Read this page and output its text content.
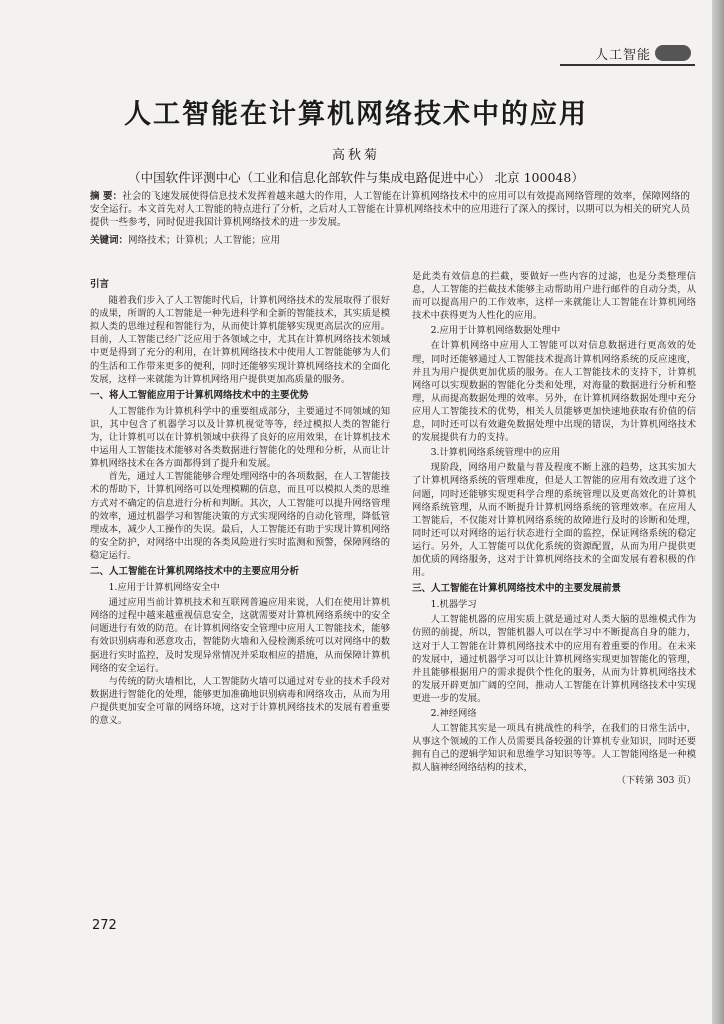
人工智能
人工智能在计算机网络技术中的应用
高秋菊
（中国软件评测中心（工业和信息化部软件与集成电路促进中心） 北京 100048）
摘 要：社会的飞速发展使得信息技术发挥着越来越大的作用，人工智能在计算机网络技术中的应用可以有效提高网络管理的效率，保障网络的安全运行。本文首先对人工智能的特点进行了分析，之后对人工智能在计算机网络技术中的应用进行了深入的探讨，以期可以为相关的研究人员提供一些参考，同时促进我国计算机网络技术的进一步发展。
关键词：网络技术；计算机；人工智能；应用
引言

随着我们步入了人工智能时代后，计算机网络技术的发展取得了很好的成果，所谓的人工智能是一种先进科学和全新的智能技术，其实质是模拟人类的思维过程和智能行为，从而使计算机能够实现更高层次的应用。目前，人工智能已经广泛应用于各领域之中，尤其在计算机网络技术领域中更是得到了充分的利用，在计算机网络技术中使用人工智能能够为人们的生活和工作带来更多的便利，同时还能够实现计算机网络技术的全面化发展，这样一来就能为计算机网络用户提供更加高质量的服务。

一、将人工智能应用于计算机网络技术中的主要优势

人工智能作为计算机科学中的重要组成部分，主要通过不同领域的知识，其中包含了机器学习以及计算机视觉等等，经过模拟人类的智能行为，让计算机可以在计算机领域中获得了良好的应用效果，在计算机技术中运用人工智能技术能够对各类数据进行智能化的处理和分析，从而让计算机网络技术在各方面都得到了提升和发展。

首先，通过人工智能能够合理处理网络中的各项数据，在人工智能技术的帮助下，计算机网络可以处理模糊的信息，而且可以模拟人类的思维方式对不确定的信息进行分析和判断。其次，人工智能可以提升网络管理的效率，通过机器学习和智能决策的方式实现网络的自动化管理，降低管理成本，减少人工操作的失误。最后，人工智能还有助于实现计算机网络的安全防护，对网络中出现的各类风险进行实时监测和预警，保障网络的稳定运行。

二、人工智能在计算机网络技术中的主要应用分析
1.应用于计算机网络安全中

通过应用当前计算机技术和互联网普遍应用来说，人们在使用计算机网络的过程中越来越重视信息安全，这就需要对计算机网络系统中的安全问题进行有效的防范。在计算机网络安全管理中应用人工智能技术，能够有效识别病毒和恶意攻击，智能防火墙和入侵检测系统可以对网络中的数据进行实时监控，及时发现异常情况并采取相应的措施，从而保障计算机网络的安全运行。

与传统的防火墙相比，人工智能防火墙可以通过对专业的技术手段对数据进行智能化的处理，能够更加准确地识别病毒和网络攻击，从而为用户提供更加安全可靠的网络环境，这对于计算机网络技术的发展有着重要的意义。

是此类有效信息的拦截，要做好一些内容的过滤，也是分类整理信息，人工智能的拦截技术能够主动帮助用户进行邮件的自动分类，从而可以提高用户的工作效率，这样一来就能让人工智能在计算机网络技术中获得更为人性化的应用。

2.应用于计算机网络数据处理中

在计算机网络中应用人工智能可以对信息数据进行更高效的处理，同时还能够通过人工智能技术提高计算机网络系统的反应速度，并且为用户提供更加优质的服务。在人工智能技术的支持下，计算机网络可以实现数据的智能化分类和处理，对海量的数据进行分析和整理，从而提高数据处理的效率。另外，在计算机网络数据处理中充分应用人工智能技术的优势，相关人员能够更加快速地获取有价值的信息，同时还可以有效避免数据处理中出现的错误，为计算机网络技术的发展提供有力的支持。

3.计算机网络系统管理中的应用

现阶段，网络用户数量与普及程度不断上涨的趋势，这其实加大了计算机网络系统的管理难度，但是人工智能的应用有效改进了这个问题，同时还能够实现更科学合理的系统管理以及更高效化的计算机网络系统管理，从而不断提升计算机网络系统的管理效率。在应用人工智能后，不仅能对计算机网络系统的故障进行及时的诊断和处理，同时还可以对网络的运行状态进行全面的监控，保证网络系统的稳定运行。另外，人工智能可以优化系统的资源配置，从而为用户提供更加优质的网络服务，这对于计算机网络技术的全面发展有着积极的作用。

三、人工智能在计算机网络技术中的主要发展前景
1.机器学习

人工智能机器的应用实质上就是通过对人类大脑的思维模式作为仿照的前提，所以，智能机器人可以在学习中不断提高自身的能力，这对于人工智能在计算机网络技术中的应用有着重要的作用。在未来的发展中，通过机器学习可以让计算机网络实现更加智能化的管理，并且能够根据用户的需求提供个性化的服务，从而为计算机网络技术的发展开辟更加广阔的空间，推动人工智能在计算机网络技术中实现更进一步的发展。

2.神经网络

人工智能其实是一项具有挑战性的科学，在我们的日常生活中，从事这个领域的工作人员需要具备较强的计算机专业知识，同时还要拥有自己的逻辑学知识和思维学习知识等等。人工智能网络是一种模拟人脑神经网络结构的技术，

（下转第 303 页）

272
